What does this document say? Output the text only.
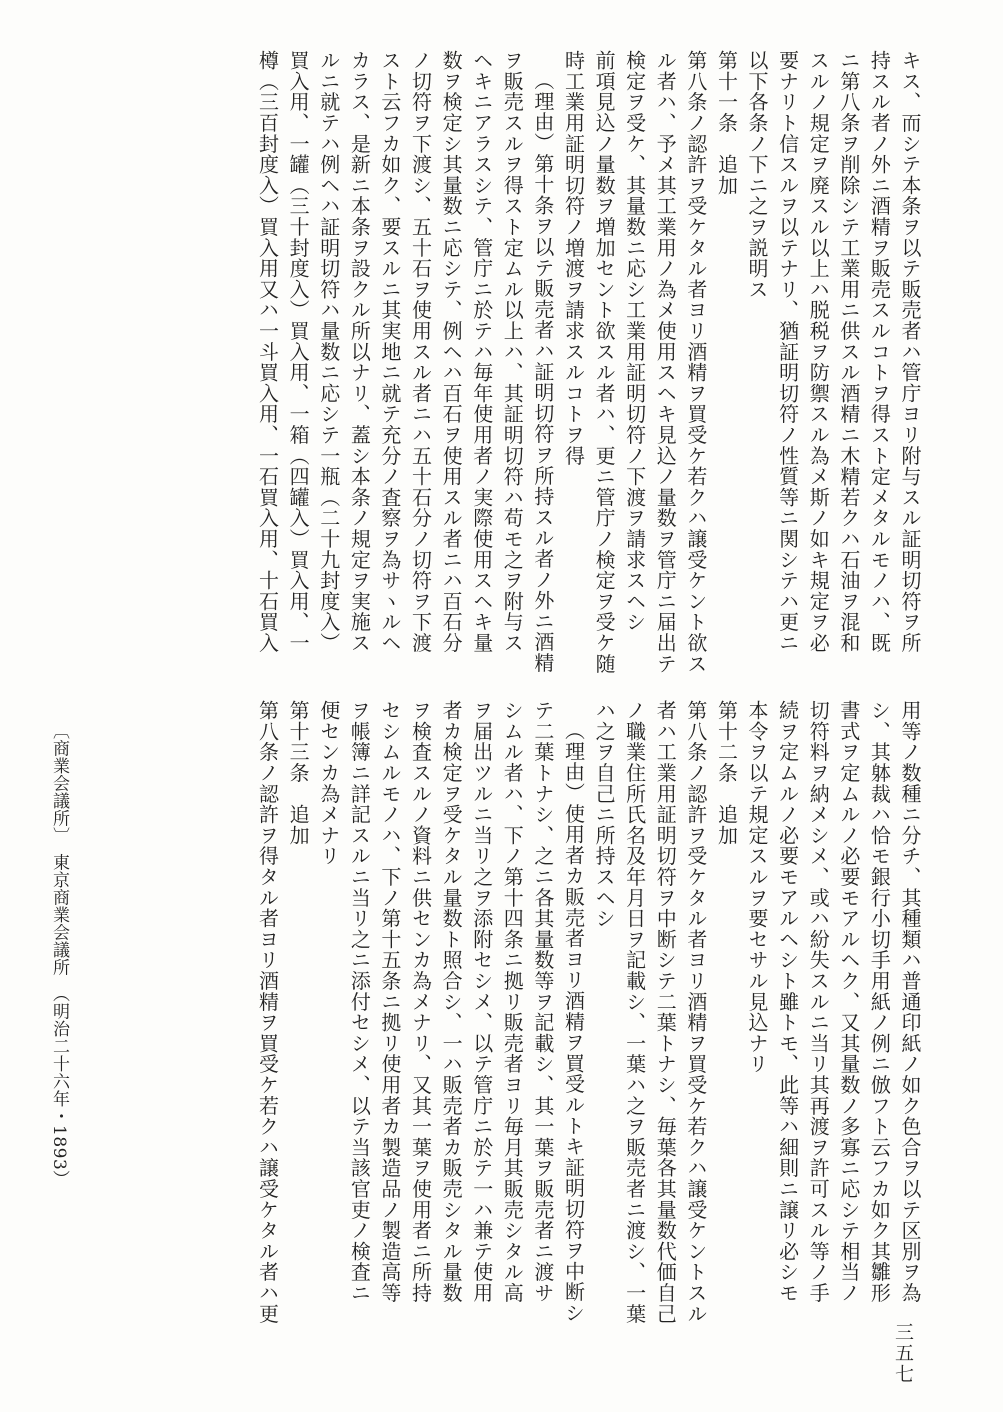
キス、而シテ本条ヲ以テ販売者ハ管庁ヨリ附与スル証明切符ヲ所
持スル者ノ外ニ酒精ヲ販売スルコトヲ得スト定メタルモノハ、既
ニ第八条ヲ削除シテ工業用ニ供スル酒精ニ木精若クハ石油ヲ混和
スルノ規定ヲ廃スル以上ハ脱税ヲ防禦スル為メ斯ノ如キ規定ヲ必
要ナリト信スルヲ以テナリ、猶証明切符ノ性質等ニ関シテハ更ニ
以下各条ノ下ニ之ヲ説明ス
第十一条　追加
第八条ノ認許ヲ受ケタル者ヨリ酒精ヲ買受ケ若クハ譲受ケント欲ス
ル者ハ、予メ其工業用ノ為メ使用スヘキ見込ノ量数ヲ管庁ニ届出テ
検定ヲ受ケ、其量数ニ応シ工業用証明切符ノ下渡ヲ請求スヘシ
前項見込ノ量数ヲ増加セント欲スル者ハ、更ニ管庁ノ検定ヲ受ケ随
時工業用証明切符ノ増渡ヲ請求スルコトヲ得
（理由）第十条ヲ以テ販売者ハ証明切符ヲ所持スル者ノ外ニ酒精
ヲ販売スルヲ得スト定ムル以上ハ、其証明切符ハ苟モ之ヲ附与ス
ヘキニアラスシテ、管庁ニ於テハ毎年使用者ノ実際使用スヘキ量
数ヲ検定シ其量数ニ応シテ、例ヘハ百石ヲ使用スル者ニハ百石分
ノ切符ヲ下渡シ、五十石ヲ使用スル者ニハ五十石分ノ切符ヲ下渡
スト云フカ如ク、要スルニ其実地ニ就テ充分ノ査察ヲ為サヽルヘ
カラス、是新ニ本条ヲ設クル所以ナリ、蓋シ本条ノ規定ヲ実施ス
ルニ就テハ例ヘハ証明切符ハ量数ニ応シテ一瓶（二十九封度入）
買入用、一罐（三十封度入）買入用、一箱（四罐入）買入用、一
樽（三百封度入）買入用又ハ一斗買入用、一石買入用、十石買入
用等ノ数種ニ分チ、其種類ハ普通印紙ノ如ク色合ヲ以テ区別ヲ為
シ、其躰裁ハ恰モ銀行小切手用紙ノ例ニ倣フト云フカ如ク其雛形
書式ヲ定ムルノ必要モアルヘク、又其量数ノ多寡ニ応シテ相当ノ
切符料ヲ納メシメ、或ハ紛失スルニ当リ其再渡ヲ許可スル等ノ手
続ヲ定ムルノ必要モアルヘシト雖トモ、此等ハ細則ニ譲リ必シモ
本令ヲ以テ規定スルヲ要セサル見込ナリ
第十二条　追加
第八条ノ認許ヲ受ケタル者ヨリ酒精ヲ買受ケ若クハ譲受ケントスル
者ハ工業用証明切符ヲ中断シテ二葉トナシ、毎葉各其量数代価自己
ノ職業住所氏名及年月日ヲ記載シ、一葉ハ之ヲ販売者ニ渡シ、一葉
ハ之ヲ自己ニ所持スヘシ
（理由）使用者カ販売者ヨリ酒精ヲ買受ルトキ証明切符ヲ中断シ
テ二葉トナシ、之ニ各其量数等ヲ記載シ、其一葉ヲ販売者ニ渡サ
シムル者ハ、下ノ第十四条ニ拠リ販売者ヨリ毎月其販売シタル高
ヲ届出ツルニ当リ之ヲ添附セシメ、以テ管庁ニ於テ一ハ兼テ使用
者カ検定ヲ受ケタル量数ト照合シ、一ハ販売者カ販売シタル量数
ヲ検査スルノ資料ニ供センカ為メナリ、又其一葉ヲ使用者ニ所持
セシムルモノハ、下ノ第十五条ニ拠リ使用者カ製造品ノ製造高等
ヲ帳簿ニ詳記スルニ当リ之ニ添付セシメ、以テ当該官吏ノ検査ニ
便センカ為メナリ
第十三条　追加
第八条ノ認許ヲ得タル者ヨリ酒精ヲ買受ケ若クハ譲受ケタル者ハ更
〔商業会議所〕　東京商業会議所　（明治二十六年・1893）
三五七
